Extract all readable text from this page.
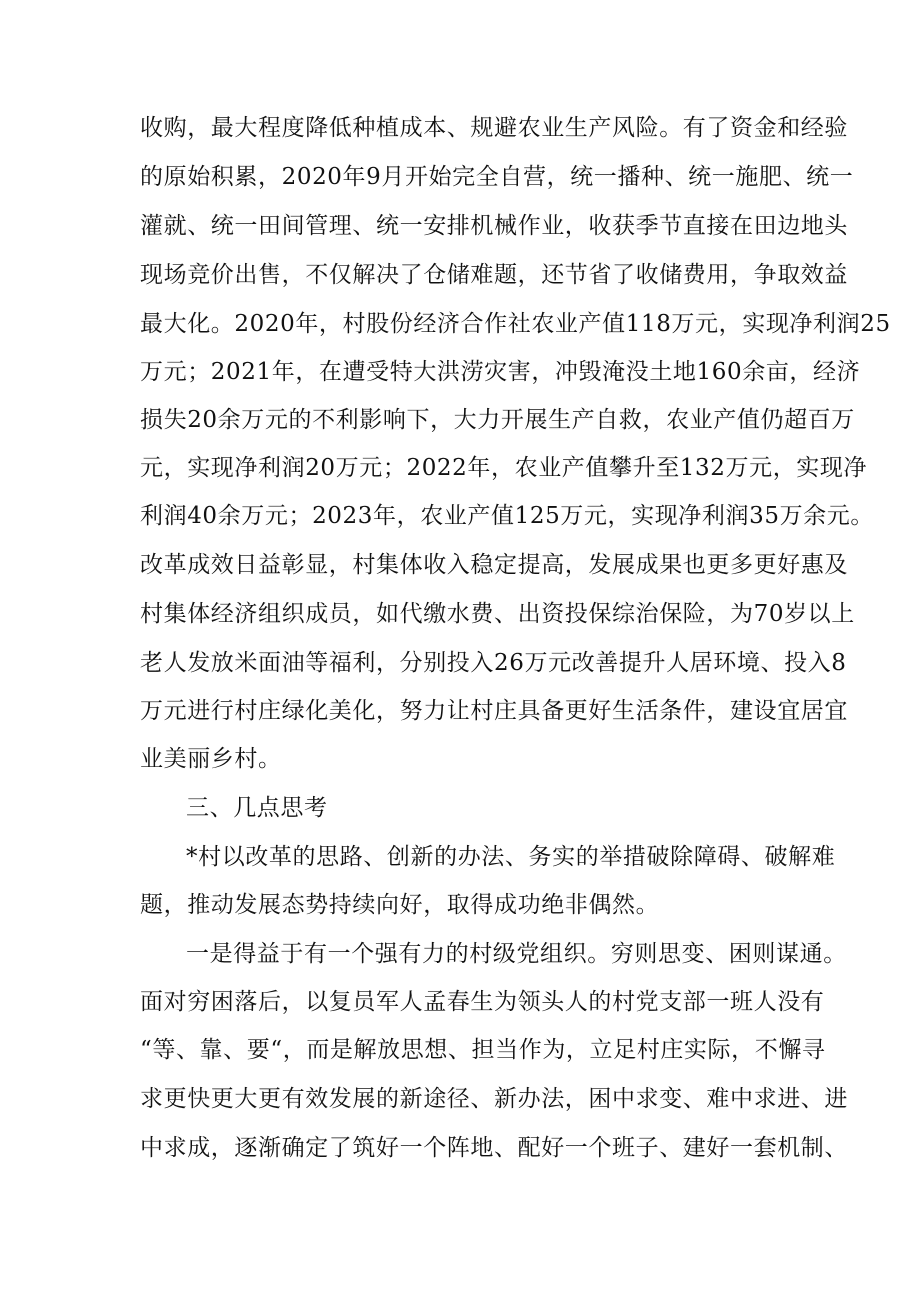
收购，最大程度降低种植成本、规避农业生产风险。有了资金和经验
的原始积累，2020年9月开始完全自营，统一播种、统一施肥、统一
灌就、统一田间管理、统一安排机械作业，收获季节直接在田边地头
现场竞价出售，不仅解决了仓储难题，还节省了收储费用，争取效益
最大化。2020年，村股份经济合作社农业产值118万元，实现净利润25
万元；2021年，在遭受特大洪涝灾害，冲毁淹没土地160余亩，经济
损失20余万元的不利影响下，大力开展生产自救，农业产值仍超百万
元，实现净利润20万元；2022年，农业产值攀升至132万元，实现净
利润40余万元；2023年，农业产值125万元，实现净利润35万余元。
改革成效日益彰显，村集体收入稳定提高，发展成果也更多更好惠及
村集体经济组织成员，如代缴水费、出资投保综治保险，为70岁以上
老人发放米面油等福利，分别投入26万元改善提升人居环境、投入8
万元进行村庄绿化美化，努力让村庄具备更好生活条件，建设宜居宜
业美丽乡村。
三、几点思考
*村以改革的思路、创新的办法、务实的举措破除障碍、破解难
题，推动发展态势持续向好，取得成功绝非偶然。
一是得益于有一个强有力的村级党组织。穷则思变、困则谋通。
面对穷困落后，以复员军人孟春生为领头人的村党支部一班人没有
“等、靠、要“，而是解放思想、担当作为，立足村庄实际，不懈寻
求更快更大更有效发展的新途径、新办法，困中求变、难中求进、进
中求成，逐渐确定了筑好一个阵地、配好一个班子、建好一套机制、
